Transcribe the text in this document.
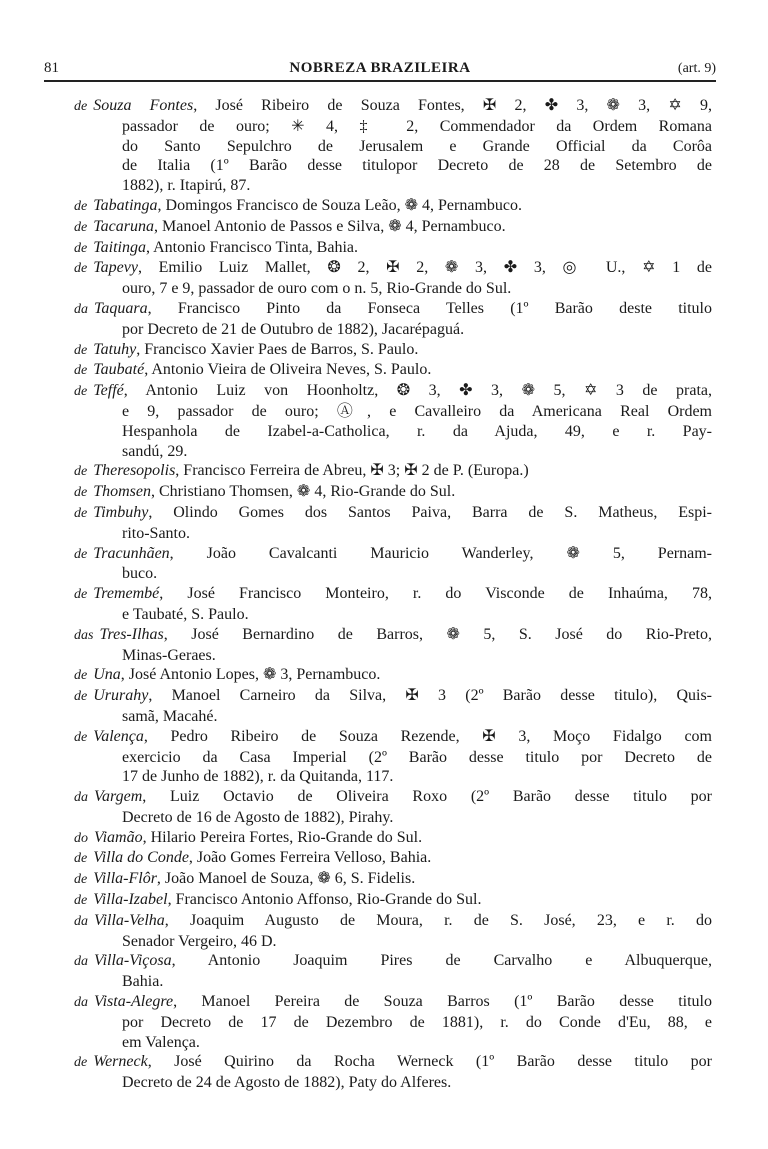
81	NOBREZA BRAZILEIRA	(art. 9)
de Souza Fontes, José Ribeiro de Souza Fontes, ✠ 2, ✤ 3, ❁ 3, ✡ 9,
passador de ouro; ✳ 4, ‡ 2, Commendador da Ordem Romana
do Santo Sepulchro de Jerusalem e Grande Official da Corôa
de Italia (1º Barão desse titulopor Decreto de 28 de Setembro de
1882), r. Itapirú, 87.
de Tabatinga, Domingos Francisco de Souza Leão, ❁ 4, Pernambuco.
de Tacaruna, Manoel Antonio de Passos e Silva, ❁ 4, Pernambuco.
de Taitinga, Antonio Francisco Tinta, Bahia.
de Tapevy, Emilio Luiz Mallet, ❂ 2, ✠ 2, ❁ 3, ✤ 3, ◎ U., ✡ 1 de
ouro, 7 e 9, passador de ouro com o n. 5, Rio-Grande do Sul.
da Taquara, Francisco Pinto da Fonseca Telles (1º Barão deste titulo
por Decreto de 21 de Outubro de 1882), Jacarépaguá.
de Tatuhy, Francisco Xavier Paes de Barros, S. Paulo.
de Taubaté, Antonio Vieira de Oliveira Neves, S. Paulo.
de Teffé, Antonio Luiz von Hoonholtz, ❂ 3, ✤ 3, ❁ 5, ✡ 3 de prata,
e 9, passador de ouro; Ⓐ, e Cavalleiro da Americana Real Ordem
Hespanhola de Izabel-a-Catholica, r. da Ajuda, 49, e r. Pay-
sandú, 29.
de Theresopolis, Francisco Ferreira de Abreu, ✠ 3; ✠ 2 de P. (Europa.)
de Thomsen, Christiano Thomsen, ❁ 4, Rio-Grande do Sul.
de Timbuhy, Olindo Gomes dos Santos Paiva, Barra de S. Matheus, Espi-
rito-Santo.
de Tracunhãen, João Cavalcanti Mauricio Wanderley, ❁ 5, Pernam-
buco.
de Tremembé, José Francisco Monteiro, r. do Visconde de Inhaúma, 78,
e Taubaté, S. Paulo.
das Tres-Ilhas, José Bernardino de Barros, ❁ 5, S. José do Rio-Preto,
Minas-Geraes.
de Una, José Antonio Lopes, ❁ 3, Pernambuco.
de Ururahy, Manoel Carneiro da Silva, ✠ 3 (2º Barão desse titulo), Quis-
samã, Macahé.
de Valença, Pedro Ribeiro de Souza Rezende, ✠ 3, Moço Fidalgo com
exercicio da Casa Imperial (2º Barão desse titulo por Decreto de
17 de Junho de 1882), r. da Quitanda, 117.
da Vargem, Luiz Octavio de Oliveira Roxo (2º Barão desse titulo por
Decreto de 16 de Agosto de 1882), Pirahy.
do Viamão, Hilario Pereira Fortes, Rio-Grande do Sul.
de Villa do Conde, João Gomes Ferreira Velloso, Bahia.
de Villa-Flôr, João Manoel de Souza, ❁ 6, S. Fidelis.
de Villa-Izabel, Francisco Antonio Affonso, Rio-Grande do Sul.
da Villa-Velha, Joaquim Augusto de Moura, r. de S. José, 23, e r. do
Senador Vergeiro, 46 D.
da Villa-Viçosa, Antonio Joaquim Pires de Carvalho e Albuquerque,
Bahia.
da Vista-Alegre, Manoel Pereira de Souza Barros (1º Barão desse titulo
por Decreto de 17 de Dezembro de 1881), r. do Conde d'Eu, 88, e
em Valença.
de Werneck, José Quirino da Rocha Werneck (1º Barão desse titulo por
Decreto de 24 de Agosto de 1882), Paty do Alferes.
